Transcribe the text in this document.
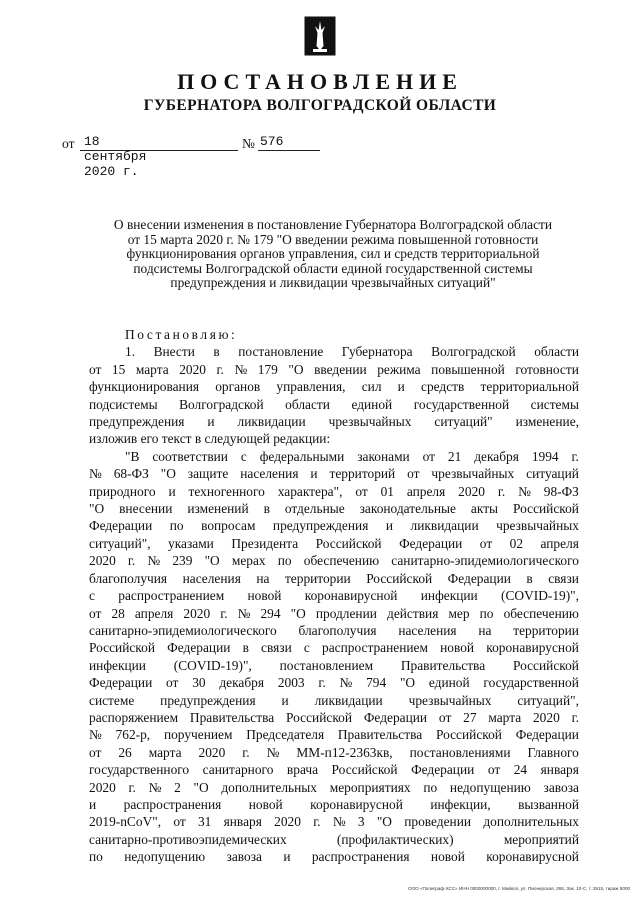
ПОСТАНОВЛЕНИЕ
ГУБЕРНАТОРА ВОЛГОГРАДСКОЙ ОБЛАСТИ
от 18 сентября 2020 г.
№ 576
О внесении изменения в постановление Губернатора Волгоградской области
от 15 марта 2020 г. № 179 "О введении режима повышенной готовности
функционирования органов управления, сил и средств территориальной
подсистемы Волгоградской области единой государственной системы
предупреждения и ликвидации чрезвычайных ситуаций"
Постановляю:
1. Внести в постановление Губернатора Волгоградской области
от 15 марта 2020 г. № 179 "О введении режима повышенной готовности
функционирования органов управления, сил и средств территориальной
подсистемы Волгоградской области единой государственной системы
предупреждения и ликвидации чрезвычайных ситуаций" изменение,
изложив его текст в следующей редакции:
"В соответствии с федеральными законами от 21 декабря 1994 г.
№ 68-ФЗ "О защите населения и территорий от чрезвычайных ситуаций
природного и техногенного характера", от 01 апреля 2020 г. № 98-ФЗ
"О внесении изменений в отдельные законодательные акты Российской
Федерации по вопросам предупреждения и ликвидации чрезвычайных
ситуаций", указами Президента Российской Федерации от 02 апреля
2020 г. № 239 "О мерах по обеспечению санитарно-эпидемиологического
благополучия населения на территории Российской Федерации в связи
с распространением новой коронавирусной инфекции (COVID-19)",
от 28 апреля 2020 г. № 294 "О продлении действия мер по обеспечению
санитарно-эпидемиологического благополучия населения на территории
Российской Федерации в связи с распространением новой коронавирусной
инфекции (COVID-19)", постановлением Правительства Российской
Федерации от 30 декабря 2003 г. № 794 "О единой государственной
системе предупреждения и ликвидации чрезвычайных ситуаций",
распоряжением Правительства Российской Федерации от 27 марта 2020 г.
№ 762-р, поручением Председателя Правительства Российской Федерации
от 26 марта 2020 г. № ММ-п12-2363кв, постановлениями Главного
государственного санитарного врача Российской Федерации от 24 января
2020 г. № 2 "О дополнительных мероприятиях по недопущению завоза
и распространения новой коронавирусной инфекции, вызванной
2019-nCoV", от 31 января 2020 г. № 3 "О проведении дополнительных
санитарно-противоэпидемических	(профилактических)	мероприятий
по недопущению завоза и распространения новой коронавирусной
ООО «Полиграф-ХСС» ИНН 0000000000, г. Майкоп, ул. Пионерская, 268, Зак. 10-С, т. 2915, тираж 5000
